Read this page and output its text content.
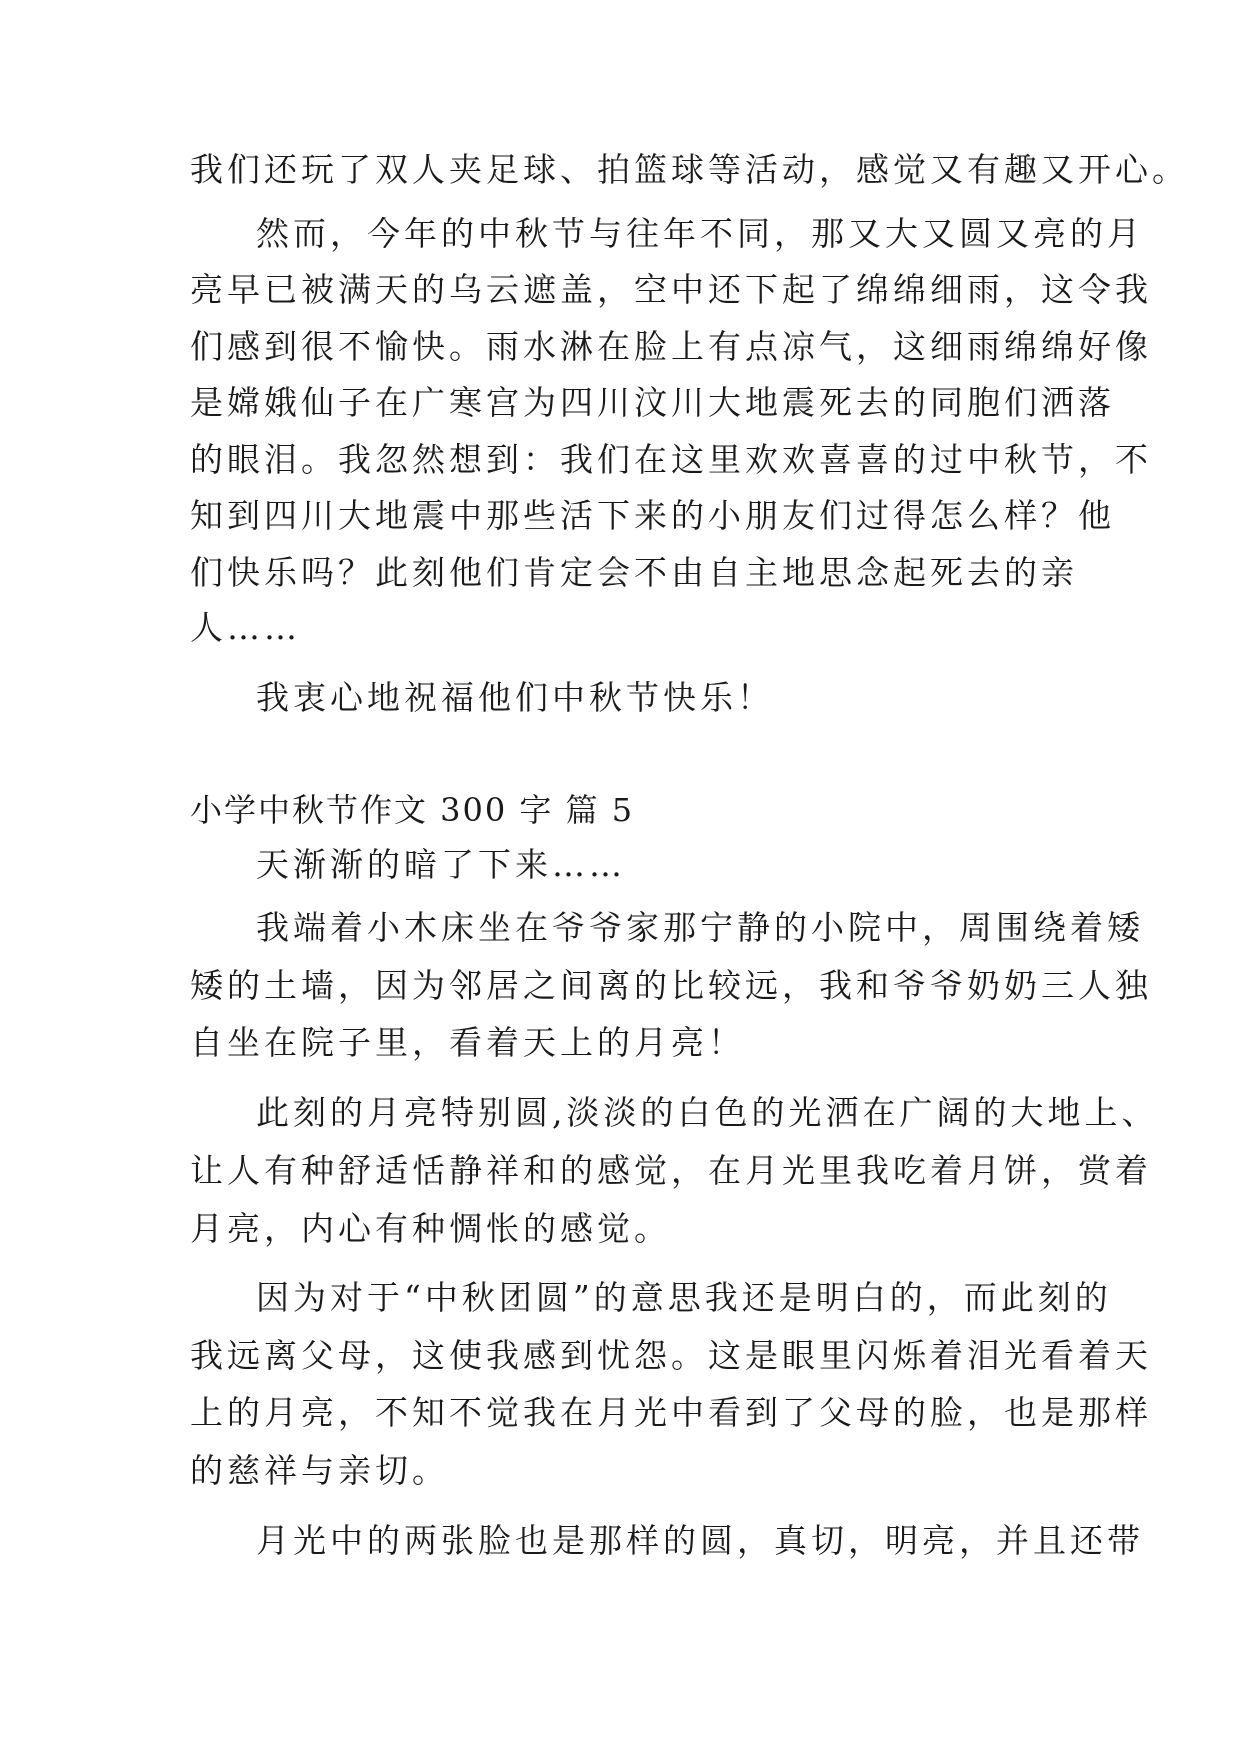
我们还玩了双人夹足球、拍篮球等活动，感觉又有趣又开心。
然而，今年的中秋节与往年不同，那又大又圆又亮的月
亮早已被满天的乌云遮盖，空中还下起了绵绵细雨，这令我
们感到很不愉快。雨水淋在脸上有点凉气，这细雨绵绵好像
是嫦娥仙子在广寒宫为四川汶川大地震死去的同胞们洒落
的眼泪。我忽然想到：我们在这里欢欢喜喜的过中秋节，不
知到四川大地震中那些活下来的小朋友们过得怎么样？他
们快乐吗？此刻他们肯定会不由自主地思念起死去的亲
人……
我衷心地祝福他们中秋节快乐！
小学中秋节作文 300 字 篇 5
天渐渐的暗了下来……
我端着小木床坐在爷爷家那宁静的小院中，周围绕着矮
矮的土墙，因为邻居之间离的比较远，我和爷爷奶奶三人独
自坐在院子里，看着天上的月亮！
此刻的月亮特别圆,淡淡的白色的光洒在广阔的大地上、
让人有种舒适恬静祥和的感觉，在月光里我吃着月饼，赏着
月亮，内心有种惆怅的感觉。
因为对于“中秋团圆”的意思我还是明白的，而此刻的
我远离父母，这使我感到忧怨。这是眼里闪烁着泪光看着天
上的月亮，不知不觉我在月光中看到了父母的脸，也是那样
的慈祥与亲切。
月光中的两张脸也是那样的圆，真切，明亮，并且还带
